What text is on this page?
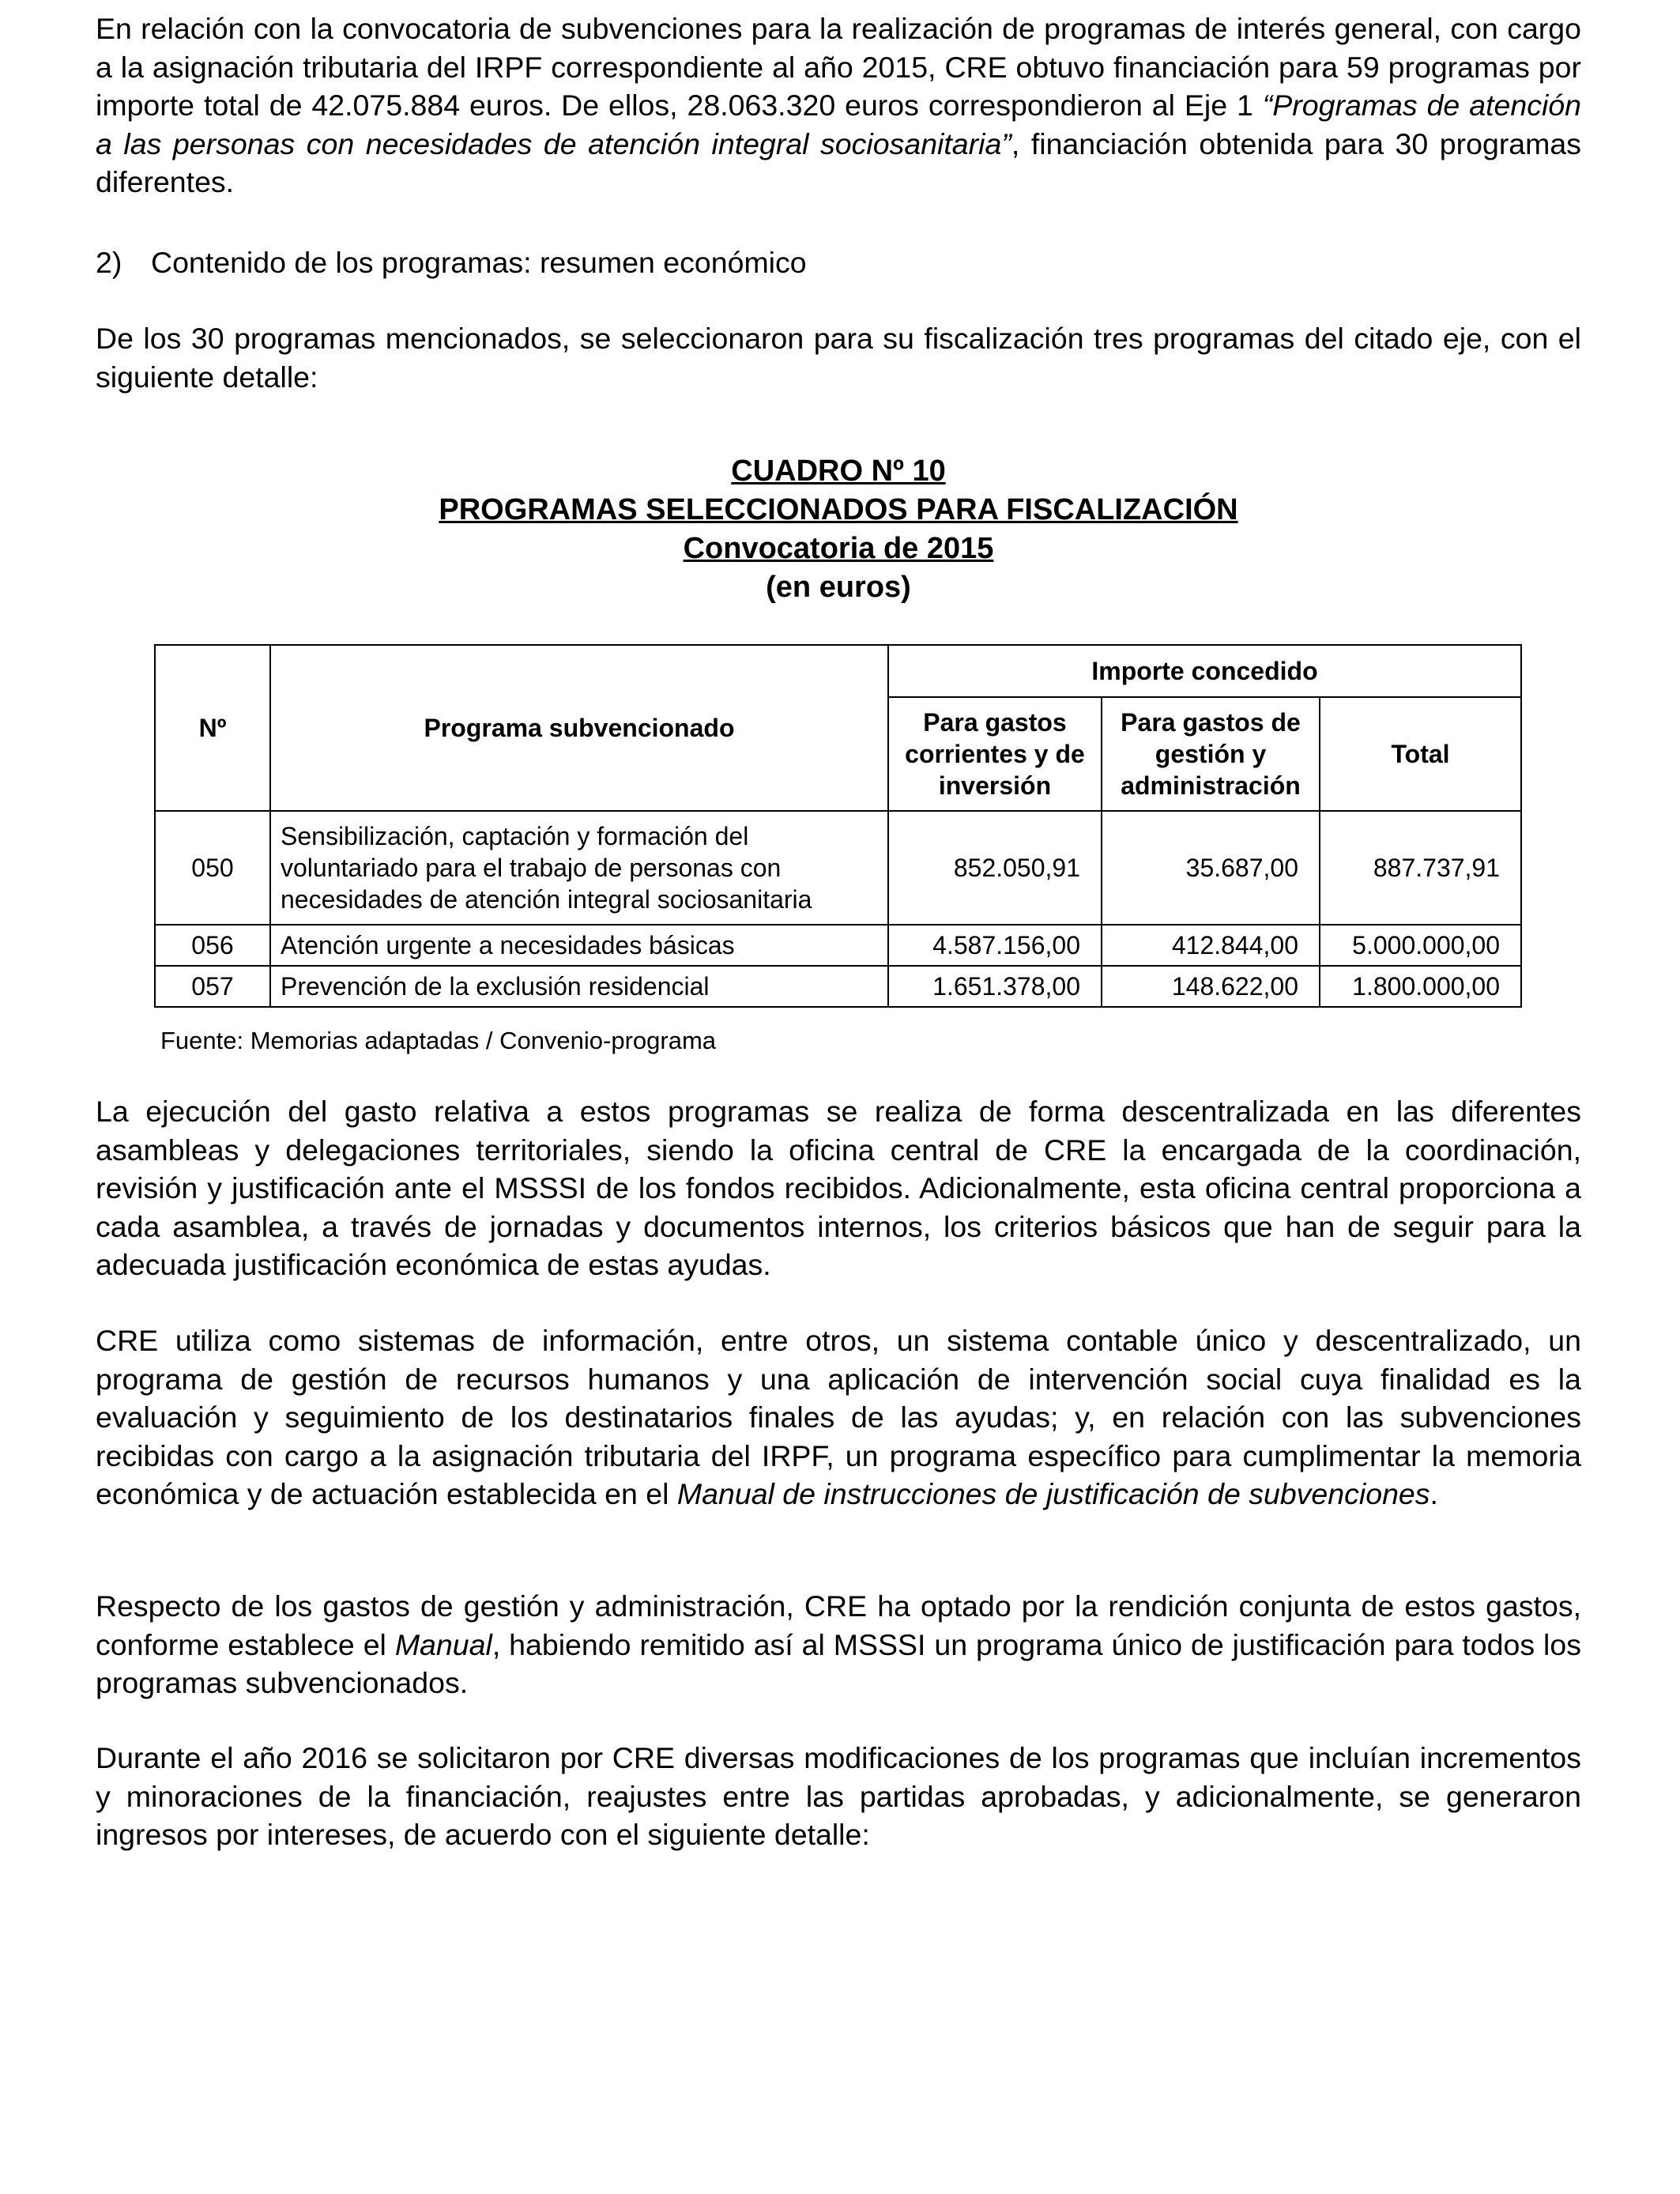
En relación con la convocatoria de subvenciones para la realización de programas de interés general, con cargo a la asignación tributaria del IRPF correspondiente al año 2015, CRE obtuvo financiación para 59 programas por importe total de 42.075.884 euros. De ellos, 28.063.320 euros correspondieron al Eje 1 “Programas de atención a las personas con necesidades de atención integral sociosanitaria”, financiación obtenida para 30 programas diferentes.

2) Contenido de los programas: resumen económico

De los 30 programas mencionados, se seleccionaron para su fiscalización tres programas del citado eje, con el siguiente detalle:

CUADRO Nº 10
PROGRAMAS SELECCIONADOS PARA FISCALIZACIÓN
Convocatoria de 2015
(en euros)
Nº	Programa subvencionado	Importe concedido		
		Para gastos corrientes y de inversión	Para gastos de gestión y administración	Total
050	Sensibilización, captación y formación del voluntariado para el trabajo de personas con necesidades de atención integral sociosanitaria	852.050,91	35.687,00	887.737,91
056	Atención urgente a necesidades básicas	4.587.156,00	412.844,00	5.000.000,00
057	Prevención de la exclusión residencial	1.651.378,00	148.622,00	1.800.000,00
Fuente: Memorias adaptadas / Convenio-programa

La ejecución del gasto relativa a estos programas se realiza de forma descentralizada en las diferentes asambleas y delegaciones territoriales, siendo la oficina central de CRE la encargada de la coordinación, revisión y justificación ante el MSSSI de los fondos recibidos. Adicionalmente, esta oficina central proporciona a cada asamblea, a través de jornadas y documentos internos, los criterios básicos que han de seguir para la adecuada justificación económica de estas ayudas.

CRE utiliza como sistemas de información, entre otros, un sistema contable único y descentralizado, un programa de gestión de recursos humanos y una aplicación de intervención social cuya finalidad es la evaluación y seguimiento de los destinatarios finales de las ayudas; y, en relación con las subvenciones recibidas con cargo a la asignación tributaria del IRPF, un programa específico para cumplimentar la memoria económica y de actuación establecida en el Manual de instrucciones de justificación de subvenciones.

Respecto de los gastos de gestión y administración, CRE ha optado por la rendición conjunta de estos gastos, conforme establece el Manual, habiendo remitido así al MSSSI un programa único de justificación para todos los programas subvencionados.

Durante el año 2016 se solicitaron por CRE diversas modificaciones de los programas que incluían incrementos y minoraciones de la financiación, reajustes entre las partidas aprobadas, y adicionalmente, se generaron ingresos por intereses, de acuerdo con el siguiente detalle:
